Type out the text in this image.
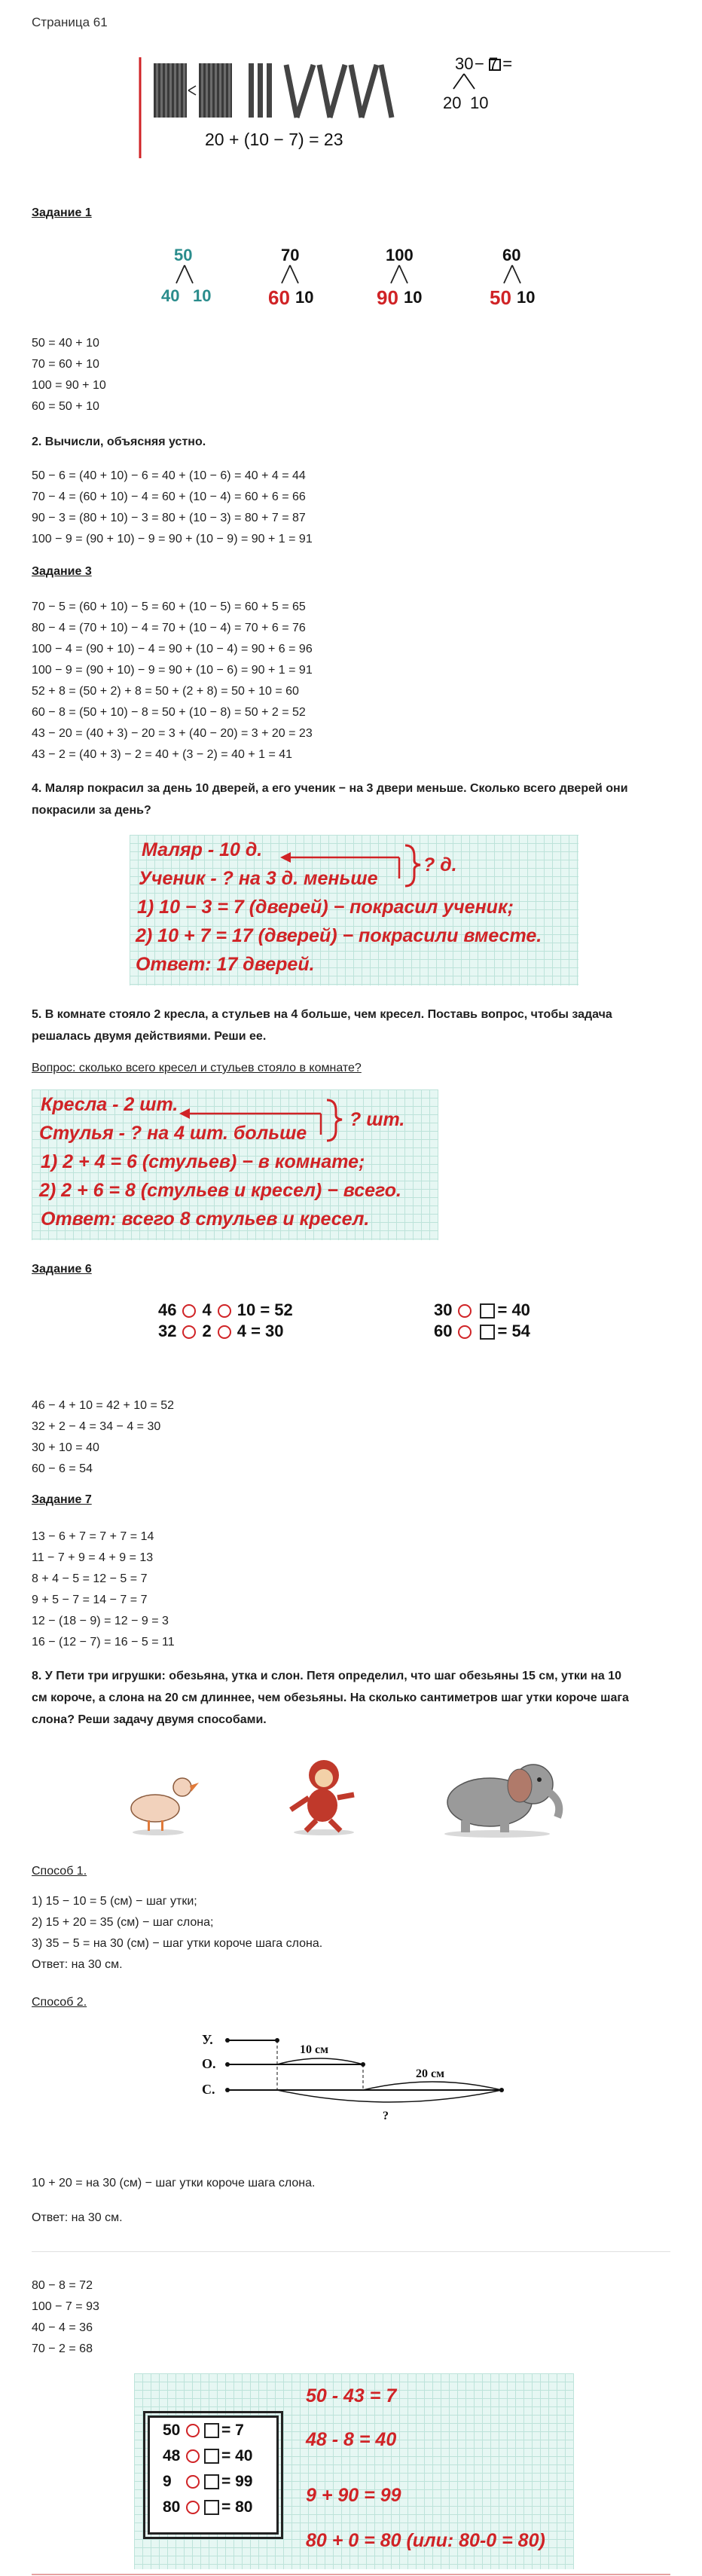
Страница 61
30 − 7 =
20 10
20 + (10 − 7) = 23
Задание 1
50
40 10
70
60 10
100
90 10
60
50 10
50 = 40 + 10
70 = 60 + 10
100 = 90 + 10
60 = 50 + 10
2. Вычисли, объясняя устно.
50 − 6 = (40 + 10) − 6 = 40 + (10 − 6) = 40 + 4 = 44
70 − 4 = (60 + 10) − 4 = 60 + (10 − 4) = 60 + 6 = 66
90 − 3 = (80 + 10) − 3 = 80 + (10 − 3) = 80 + 7 = 87
100 − 9 = (90 + 10) − 9 = 90 + (10 − 9) = 90 + 1 = 91
Задание 3
70 − 5 = (60 + 10) − 5 = 60 + (10 − 5) = 60 + 5 = 65
80 − 4 = (70 + 10) − 4 = 70 + (10 − 4) = 70 + 6 = 76
100 − 4 = (90 + 10) − 4 = 90 + (10 − 4) = 90 + 6 = 96
100 − 9 = (90 + 10) − 9 = 90 + (10 − 6) = 90 + 1 = 91
52 + 8 = (50 + 2) + 8 = 50 + (2 + 8) = 50 + 10 = 60
60 − 8 = (50 + 10) − 8 = 50 + (10 − 8) = 50 + 2 = 52
43 − 20 = (40 + 3) − 20 = 3 + (40 − 20) = 3 + 20 = 23
43 − 2 = (40 + 3) − 2 = 40 + (3 − 2) = 40 + 1 = 41
4. Маляр покрасил за день 10 дверей, а его ученик − на 3 двери меньше. Сколько всего дверей они покрасили за день?
Маляр - 10 д.
Ученик - ? на 3 д. меньше
1) 10 − 3 = 7 (дверей) − покрасил ученик;
2) 10 + 7 = 17 (дверей) − покрасили вместе.
Ответ: 17 дверей.
? д.
5. В комнате стояло 2 кресла, а стульев на 4 больше, чем кресел. Поставь вопрос, чтобы задача решалась двумя действиями. Реши ее.
Вопрос: сколько всего кресел и стульев стояло в комнате?
Кресла - 2 шт.
Стулья - ? на 4 шт. больше
1) 2 + 4 = 6 (стульев) − в комнате;
2) 2 + 6 = 8 (стульев и кресел) − всего.
Ответ: всего 8 стульев и кресел.
? шт.
Задание 6
46 4 10 = 52
32 2 4 = 30
30	= 40
60	= 54
46 − 4 + 10 = 42 + 10 = 52
32 + 2 − 4 = 34 − 4 = 30
30 + 10 = 40
60 − 6 = 54
Задание 7
13 − 6 + 7 = 7 + 7 = 14
11 − 7 + 9 = 4 + 9 = 13
8 + 4 − 5 = 12 − 5 = 7
9 + 5 − 7 = 14 − 7 = 7
12 − (18 − 9) = 12 − 9 = 3
16 − (12 − 7) = 16 − 5 = 11
8. У Пети три игрушки: обезьяна, утка и слон. Петя определил, что шаг обезьяны 15 см, утки на 10 см короче, а слона на 20 см длиннее, чем обезьяны. На сколько сантиметров шаг утки короче шага слона? Реши задачу двумя способами.
Способ 1.
1) 15 − 10 = 5 (см) − шаг утки;
2) 15 + 20 = 35 (см) − шаг слона;
3) 35 − 5 = на 30 (см) − шаг утки короче шага слона.
Ответ: на 30 см.
Способ 2.
У.
О.
С.
10 см
20 см
?
10 + 20 = на 30 (см) − шаг утки короче шага слона.
Ответ: на 30 см.
80 − 8 = 72
100 − 7 = 93
40 − 4 = 36
70 − 2 = 68
50	= 7
48	= 40
9	= 99
80	= 80
50 - 43 = 7
48 - 8 = 40
9 + 90 = 99
80 + 0 = 80 (или: 80-0 = 80)
